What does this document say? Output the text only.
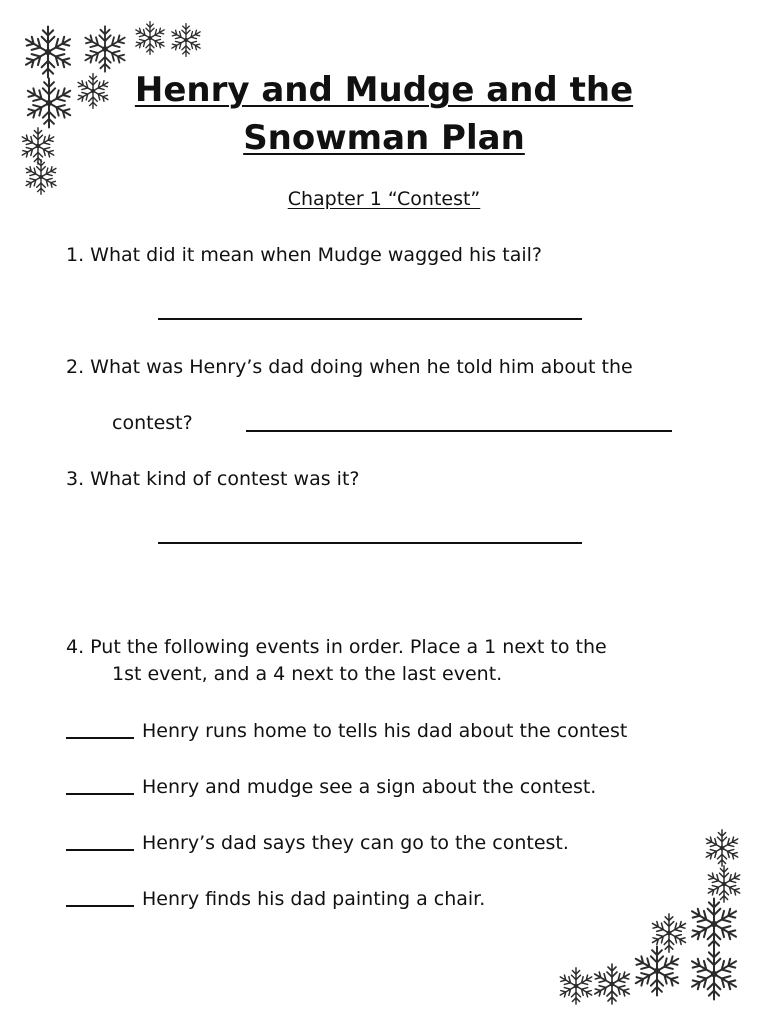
Henry and Mudge and the
Snowman Plan
Chapter 1 “Contest”
1. What did it mean when Mudge wagged his tail?
2. What was Henry’s dad doing when he told him about the
contest?
3. What kind of contest was it?
4. Put the following events in order. Place a 1 next to the
1st event, and a 4 next to the last event.
Henry runs home to tells his dad about the contest
Henry and mudge see a sign about the contest.
Henry’s dad says they can go to the contest.
Henry finds his dad painting a chair.
